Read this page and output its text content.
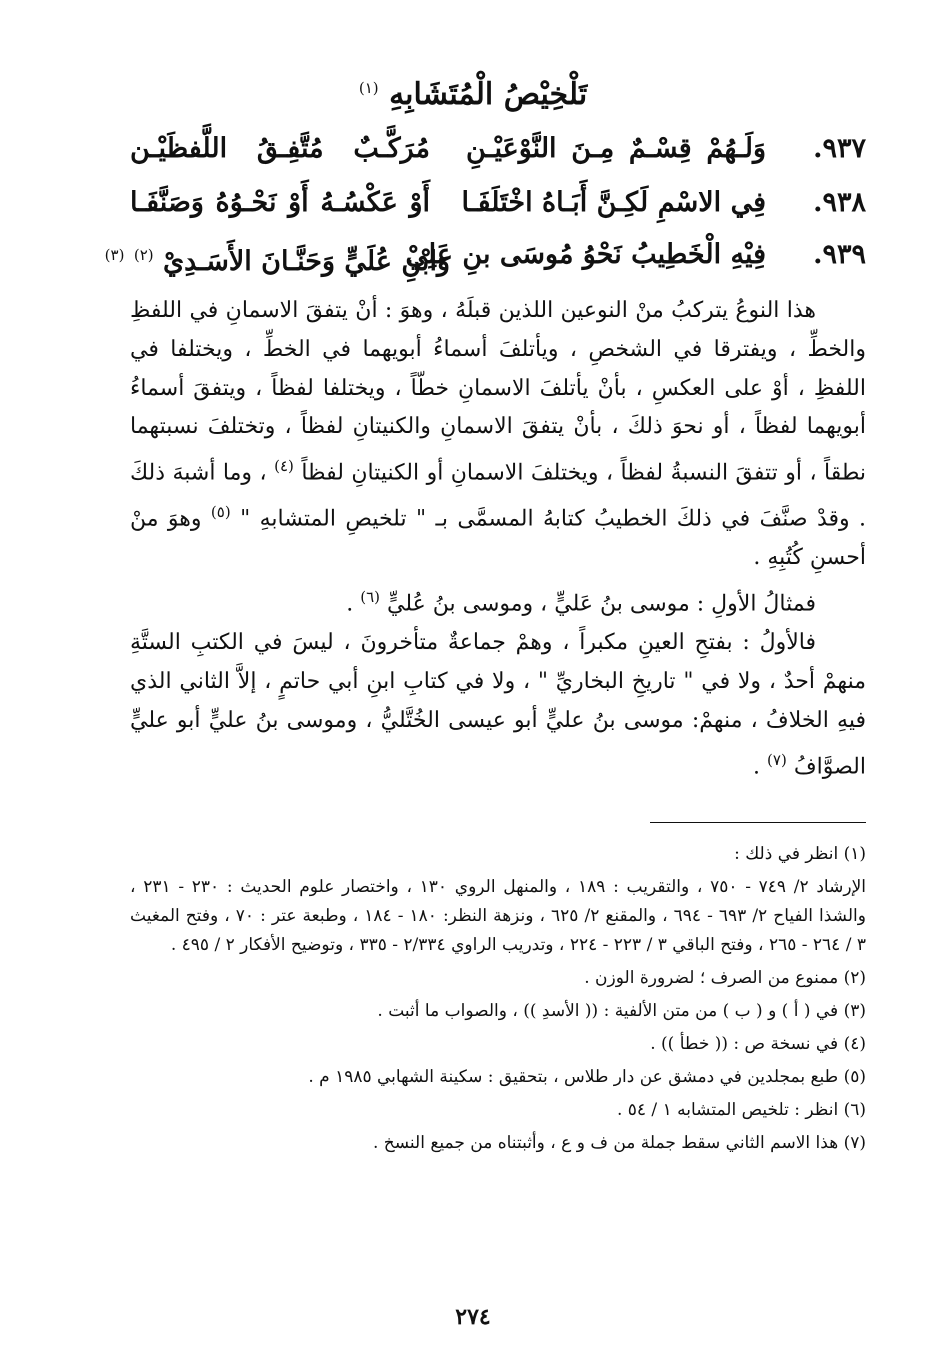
تَلْخِيْصُ الْمُتَشَابِهِ $^{(١)}$
٩٣٧.
وَلَـهُمْ قِسْـمٌ مِـنَ النَّوْعَيْـنِ
مُرَكَّـبٌ مُتَّفِـقُ اللَّفظَيْـن
٩٣٨.
فِي الاسْمِ لَكِـنَّ أَبَـاهُ اخْتَلَفَـا
أَوْ عَكْسُـهُ أَوْ نَحْـوُهُ وَصَنَّفَـا
٩٣٩.
فِيْهِ الْخَطِيبُ نَحْوُ مُوسَى بنِ عَلِيْ
وَابْنِ عُلَيٍّ وَحَنَّـانَ الأَسَـدِيْ $^{(٢)}$ $^{(٣)}$

هذا النوعُ يتركبُ منْ النوعين اللذين قبلَهُ ، وهوَ : أنْ يتفقَ الاسمانِ في اللفظِ والخطِّ ، ويفترقا في الشخصِ ، ويأتلفَ أسماءُ أبويهما في الخطِّ ، ويختلفا في اللفظِ ، أوْ على العكسِ ، بأنْ يأتلفَ الاسمانِ خطّاً ، ويختلفا لفظاً ، ويتفقَ أسماءُ أبويهما لفظاً ، أو نحوَ ذلكَ ، بأنْ يتفقَ الاسمانِ والكنيتانِ لفظاً ، وتختلفَ نسبتهما نطقاً ، أو تتفقَ النسبةُ لفظاً ، ويختلفَ الاسمانِ أو الكنيتانِ لفظاً $^{(٤)}$ ، وما أشبهَ ذلكَ . وقدْ صنَّفَ في ذلكَ الخطيبُ كتابهُ المسمَّى بـ " تلخيصِ المتشابهِ " $^{(٥)}$ وهوَ منْ أحسنِ كُتُبِهِ .

فمثالُ الأولِ : موسى بنُ عَليٍّ ، وموسى بنُ عُليٍّ $^{(٦)}$ .

فالأولُ : بفتحِ العينِ مكبراً ، وهمْ جماعةٌ متأخرونَ ، ليسَ في الكتبِ الستَّةِ منهمْ أحدٌ ، ولا في " تاريخِ البخاريِّ " ، ولا في كتابِ ابنِ أبي حاتمٍ ، إلاَّ الثاني الذي فيهِ الخلافُ ، منهمْ: موسى بنُ عليٍّ أبو عيسى الخُتَّليُّ ، وموسى بنُ عليٍّ أبو عليٍّ الصوَّافُ $^{(٧)}$ .

(١) انظر في ذلك :

الإرشاد ٢/ ٧٤٩ - ٧٥٠ ، والتقريب : ١٨٩ ، والمنهل الروي ١٣٠ ، واختصار علوم الحديث : ٢٣٠ - ٢٣١ ، والشذا الفياح ٢/ ٦٩٣ - ٦٩٤ ، والمقنع ٢/ ٦٢٥ ، ونزهة النظر: ١٨٠ - ١٨٤ ، وطبعة عتر : ٧٠ ، وفتح المغيث ٣ / ٢٦٤ - ٢٦٥ ، وفتح الباقي ٣ / ٢٢٣ - ٢٢٤ ، وتدريب الراوي ٢/٣٣٤ - ٣٣٥ ، وتوضيح الأفكار ٢ / ٤٩٥ .

(٢) ممنوع من الصرف ؛ لضرورة الوزن .

(٣) في ( أ ) و ( ب ) من متن الألفية : (( الأسدِ )) ، والصواب ما أثبت .

(٤) في نسخة ص : (( خطأ )) .

(٥) طبع بمجلدين في دمشق عن دار طلاس ، بتحقيق : سكينة الشهابي ١٩٨٥ م .

(٦) انظر : تلخيص المتشابه ١ / ٥٤ .

(٧) هذا الاسم الثاني سقط جملة من ف و ع ، وأثبتناه من جميع النسخ .

٢٧٤
